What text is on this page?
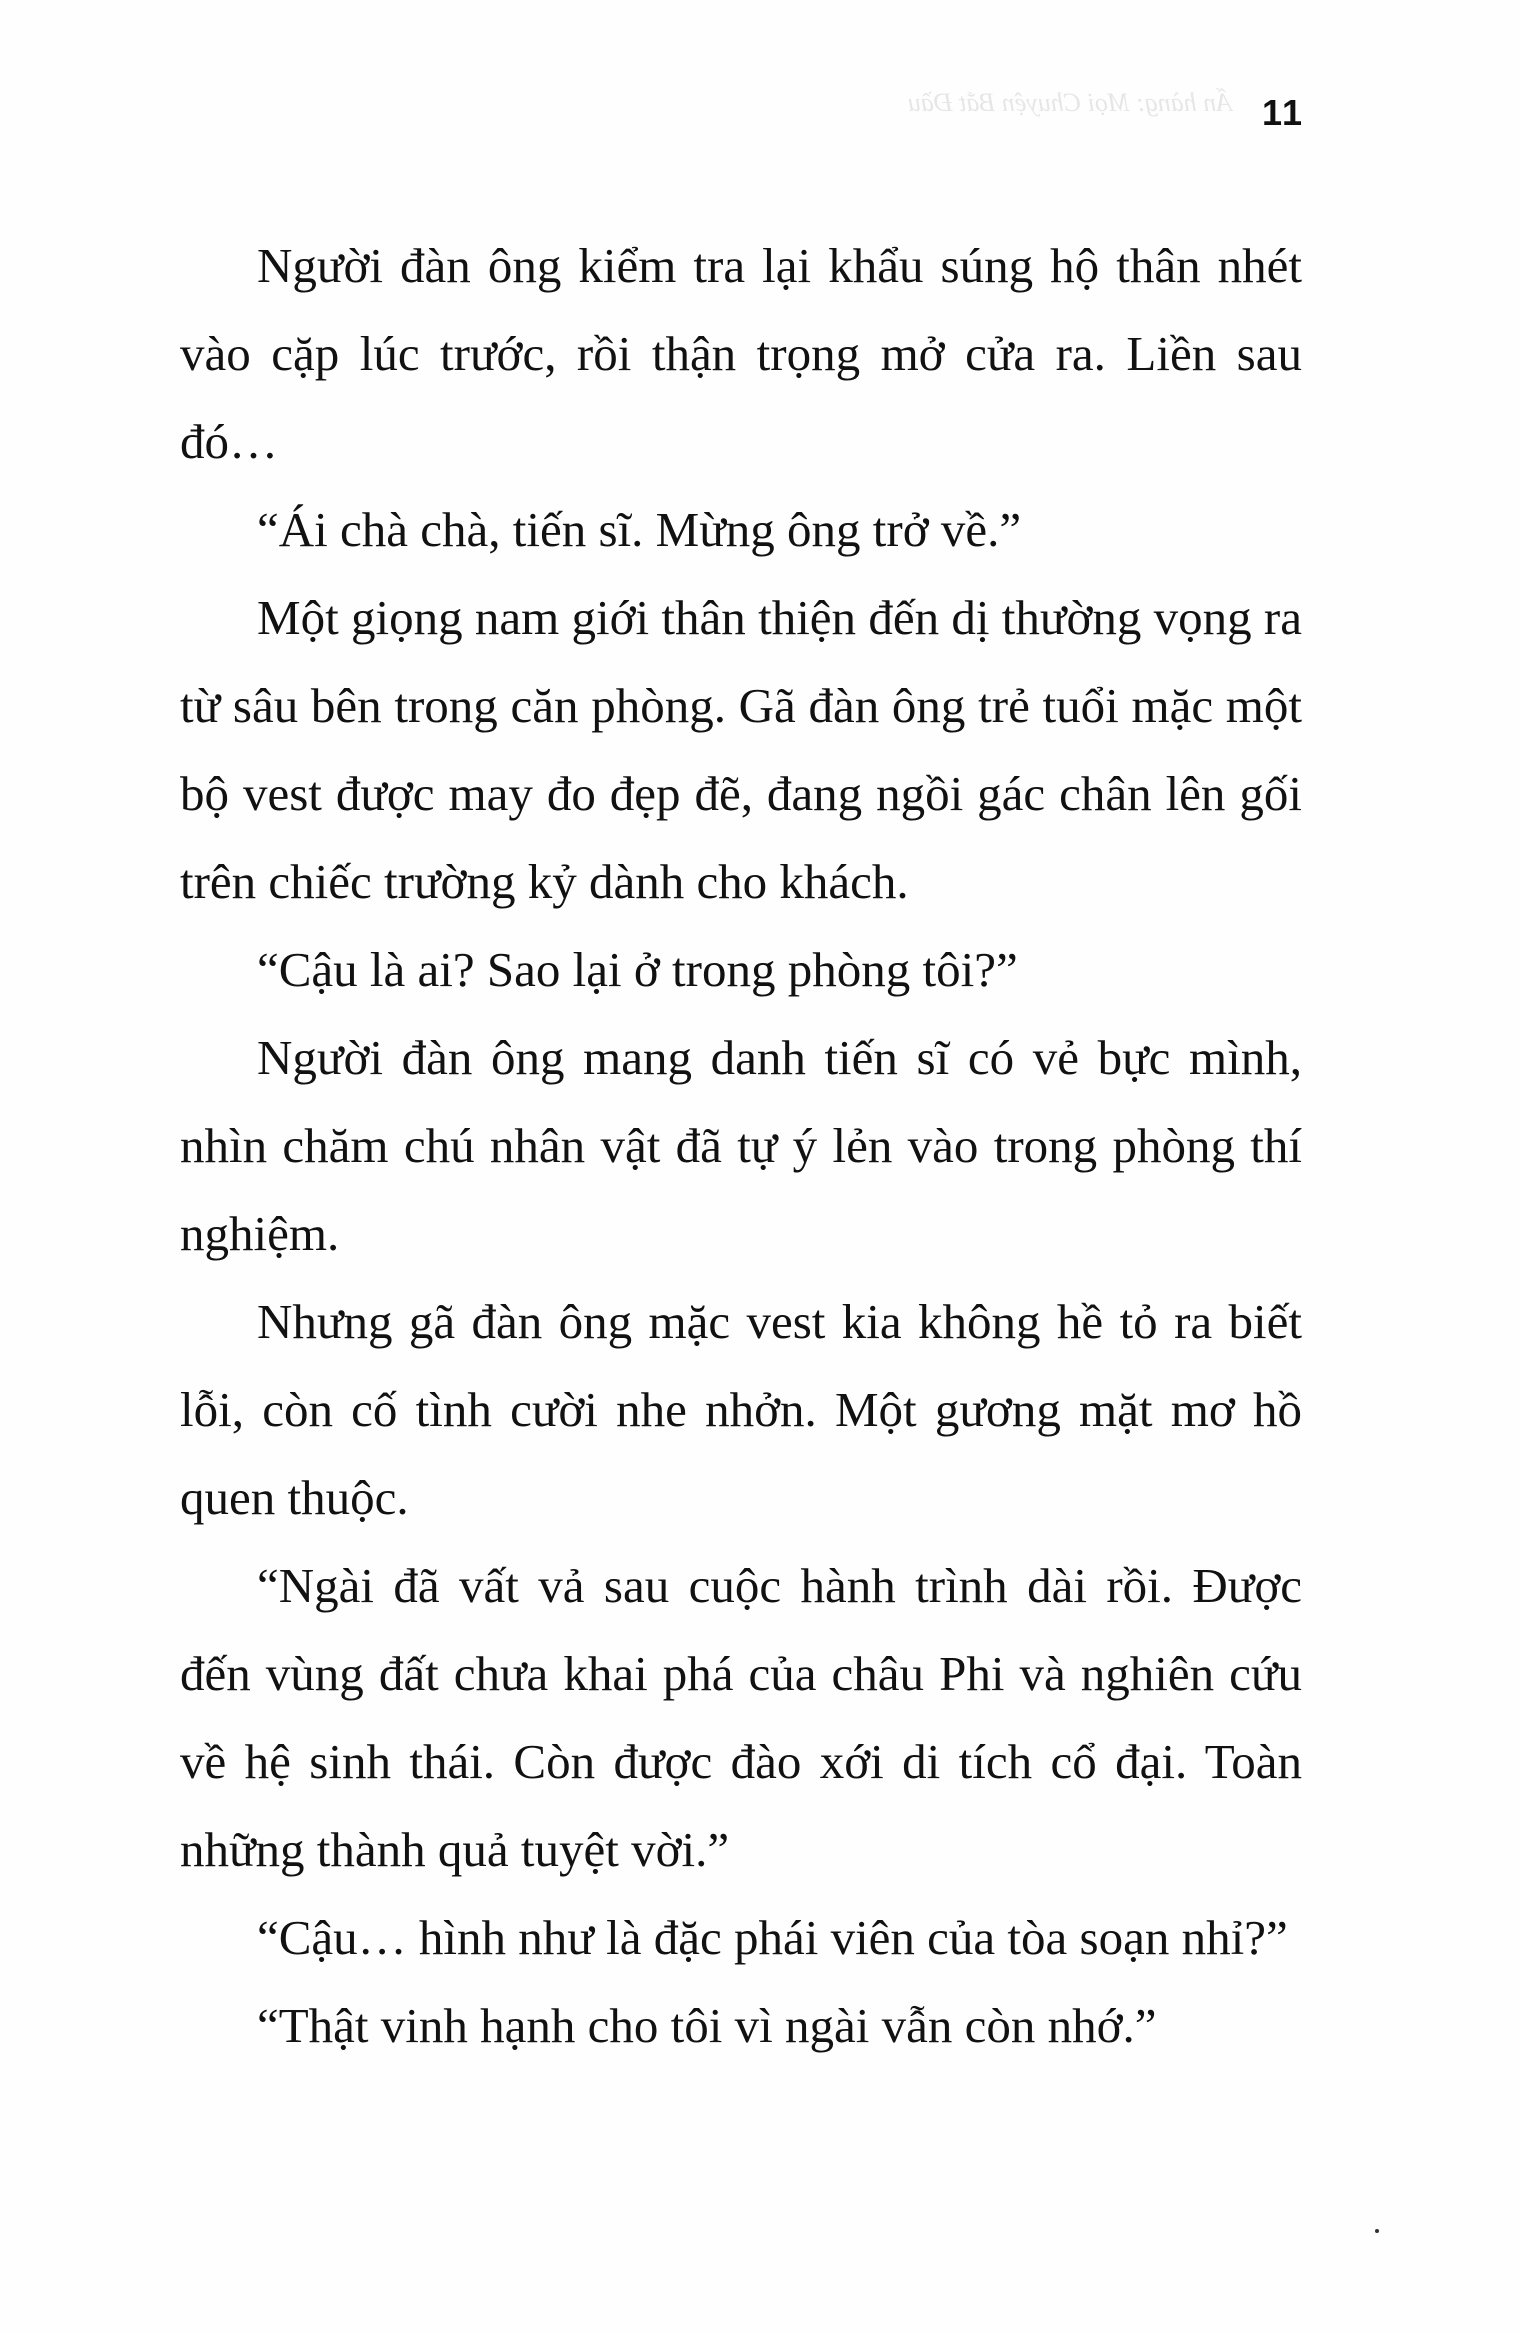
Ấn hàng: Mọi Chuyện Bắt Đầu 11

Người đàn ông kiểm tra lại khẩu súng hộ thân nhét vào cặp lúc trước, rồi thận trọng mở cửa ra. Liền sau đó…

“Ái chà chà, tiến sĩ. Mừng ông trở về.”

Một giọng nam giới thân thiện đến dị thường vọng ra từ sâu bên trong căn phòng. Gã đàn ông trẻ tuổi mặc một bộ vest được may đo đẹp đẽ, đang ngồi gác chân lên gối trên chiếc trường kỷ dành cho khách.

“Cậu là ai? Sao lại ở trong phòng tôi?”

Người đàn ông mang danh tiến sĩ có vẻ bực mình, nhìn chăm chú nhân vật đã tự ý lẻn vào trong phòng thí nghiệm.

Nhưng gã đàn ông mặc vest kia không hề tỏ ra biết lỗi, còn cố tình cười nhe nhởn. Một gương mặt mơ hồ quen thuộc.

“Ngài đã vất vả sau cuộc hành trình dài rồi. Được đến vùng đất chưa khai phá của châu Phi và nghiên cứu về hệ sinh thái. Còn được đào xới di tích cổ đại. Toàn những thành quả tuyệt vời.”

“Cậu… hình như là đặc phái viên của tòa soạn nhỉ?”

“Thật vinh hạnh cho tôi vì ngài vẫn còn nhớ.”
